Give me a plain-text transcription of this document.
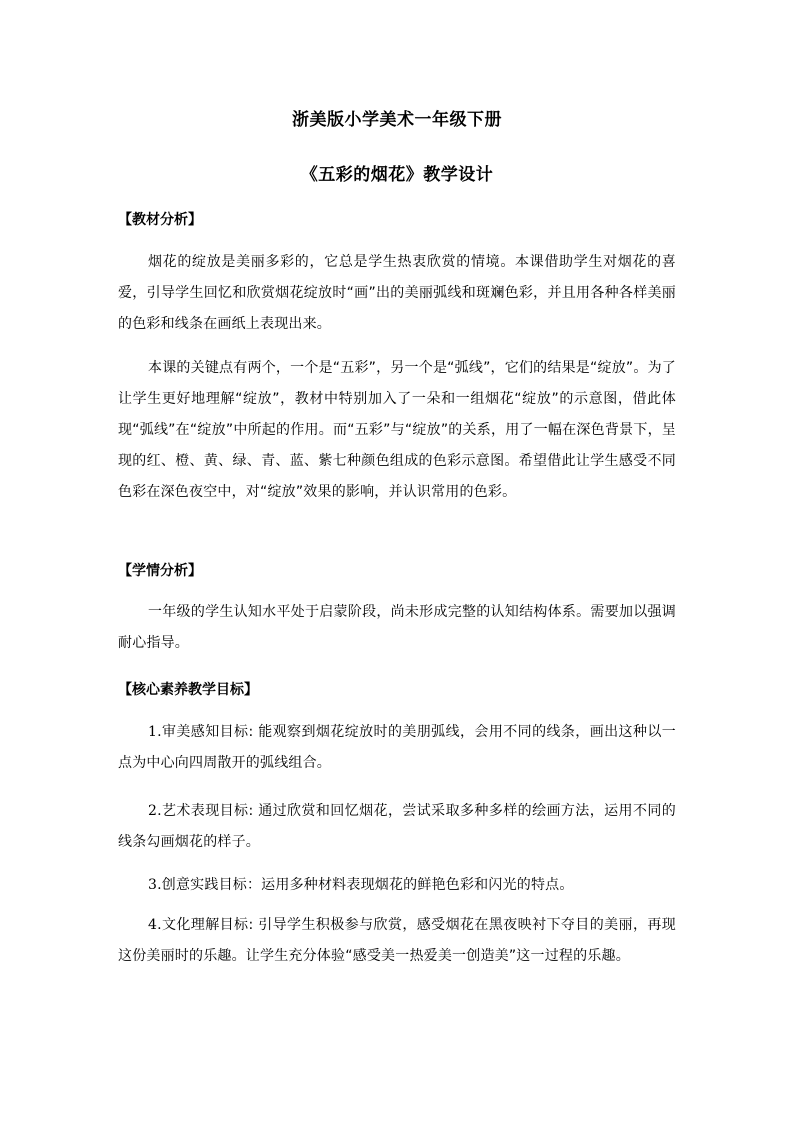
浙美版小学美术一年级下册
《五彩的烟花》教学设计
【教材分析】
烟花的绽放是美丽多彩的，它总是学生热衷欣赏的情境。本课借助学生对烟花的喜爱，引导学生回忆和欣赏烟花绽放时“画”出的美丽弧线和斑斓色彩，并且用各种各样美丽的色彩和线条在画纸上表现出来。
本课的关键点有两个，一个是“五彩”，另一个是“弧线”，它们的结果是“绽放”。为了让学生更好地理解“绽放”，教材中特别加入了一朵和一组烟花“绽放”的示意图，借此体现“弧线”在“绽放”中所起的作用。而“五彩”与“绽放”的关系，用了一幅在深色背景下，呈现的红、橙、黄、绿、青、蓝、紫七种颜色组成的色彩示意图。希望借此让学生感受不同色彩在深色夜空中，对“绽放”效果的影响，并认识常用的色彩。
【学情分析】
一年级的学生认知水平处于启蒙阶段，尚未形成完整的认知结构体系。需要加以强调耐心指导。
【核心素养教学目标】
1.审美感知目标: 能观察到烟花绽放时的美朋弧线，会用不同的线条，画出这种以一点为中心向四周散开的弧线组合。
2.艺术表现目标: 通过欣赏和回忆烟花，尝试采取多种多样的绘画方法，运用不同的线条勾画烟花的样子。
3.创意实践目标：运用多种材料表现烟花的鲜艳色彩和闪光的特点。
4.文化理解目标: 引导学生积极参与欣赏，感受烟花在黑夜映衬下夺目的美丽，再现这份美丽时的乐趣。让学生充分体验“感受美一热爱美一创造美”这一过程的乐趣。
